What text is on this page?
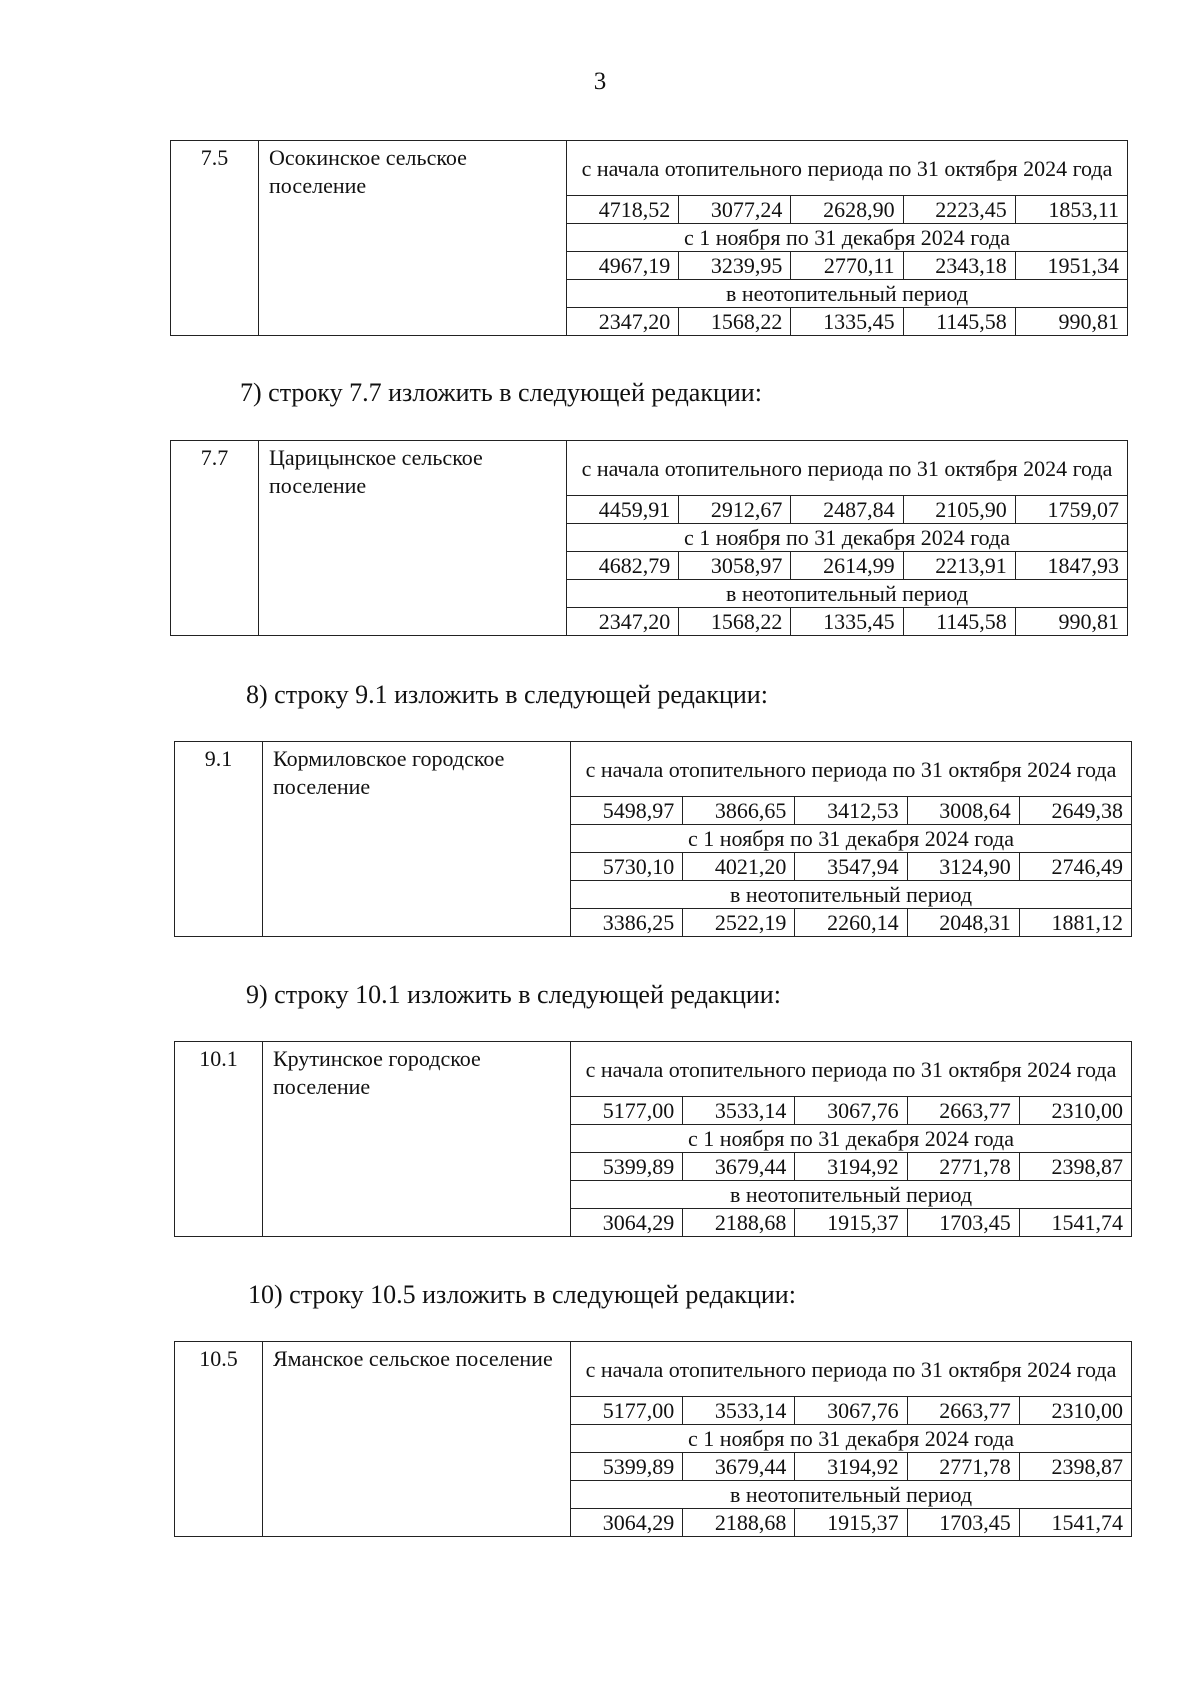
3
7.5	Осокинское сельское поселение	с начала отопительного периода по 31 октября 2024 года				
		4718,52	3077,24	2628,90	2223,45	1853,11
		с 1 ноября по 31 декабря 2024 года				
		4967,19	3239,95	2770,11	2343,18	1951,34
		в неотопительный период				
		2347,20	1568,22	1335,45	1145,58	990,81
7) строку 7.7 изложить в следующей редакции:
7.7	Царицынское сельское поселение	с начала отопительного периода по 31 октября 2024 года				
		4459,91	2912,67	2487,84	2105,90	1759,07
		с 1 ноября по 31 декабря 2024 года				
		4682,79	3058,97	2614,99	2213,91	1847,93
		в неотопительный период				
		2347,20	1568,22	1335,45	1145,58	990,81
8) строку 9.1 изложить в следующей редакции:
9.1	Кормиловское городское поселение	с начала отопительного периода по 31 октября 2024 года				
		5498,97	3866,65	3412,53	3008,64	2649,38
		с 1 ноября по 31 декабря 2024 года				
		5730,10	4021,20	3547,94	3124,90	2746,49
		в неотопительный период				
		3386,25	2522,19	2260,14	2048,31	1881,12
9) строку 10.1 изложить в следующей редакции:
10.1	Крутинское городское поселение	с начала отопительного периода по 31 октября 2024 года				
		5177,00	3533,14	3067,76	2663,77	2310,00
		с 1 ноября по 31 декабря 2024 года				
		5399,89	3679,44	3194,92	2771,78	2398,87
		в неотопительный период				
		3064,29	2188,68	1915,37	1703,45	1541,74
10) строку 10.5 изложить в следующей редакции:
10.5	Яманское сельское поселение	с начала отопительного периода по 31 октября 2024 года				
		5177,00	3533,14	3067,76	2663,77	2310,00
		с 1 ноября по 31 декабря 2024 года				
		5399,89	3679,44	3194,92	2771,78	2398,87
		в неотопительный период				
		3064,29	2188,68	1915,37	1703,45	1541,74
